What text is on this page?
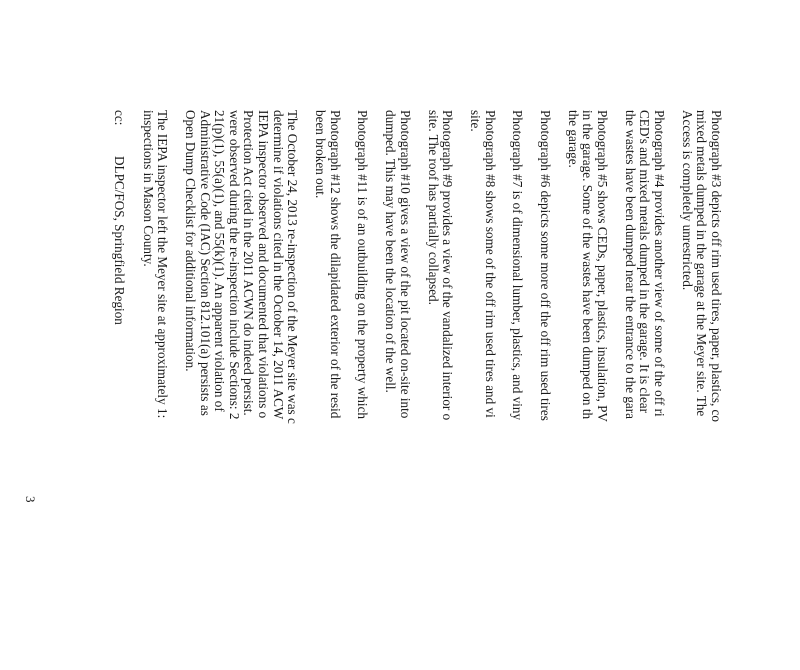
Photograph #3 depicts off rim used tires, paper, plastics, co
mixed metals dumped in the garage at the Meyer site. The
Access is completely unrestricted.
Photograph #4 provides another view of some of the off ri
CED's and mixed metals dumped in the garage. It is clear
the wastes have been dumped near the entrance to the gara
Photograph #5 shows CEDs, paper, plastics, insulation, PV
in the garage. Some of the wastes have been dumped on th
the garage.
Photograph #6 depicts some more off the off rim used tires
Photograph #7 is of dimensional lumber, plastics, and viny
Photograph #8 shows some of the off rim used tires and vi
site.
Photograph #9 provides a view of the vandalized interior o
site. The roof has partially collapsed.
Photograph #10 gives a view of the pit located on-site into
dumped. This may have been the location of the well.
Photograph #11 is of an outbuilding on the property which
Photograph #12 shows the dilapidated exterior of the resid
been broken out.
The October 24, 2013 re-inspection of the Meyer site was c
determine if violations cited in the October 14, 2011 ACW
IEPA inspector observed and documented that violations o
Protection Act cited in the 2011 ACWN do indeed persist.
were observed during the re-inspection include Sections: 2
21(p)(1), 55(a)(1), and 55(k)(1). An apparent violation of
Administrative Code (IAC) Section 812.101(a) persists as
Open Dump Checklist for additional information.
The IEPA inspector left the Meyer site at approximately 1:
inspections in Mason County.
cc:DLPC/FOS, Springfield Region
3
